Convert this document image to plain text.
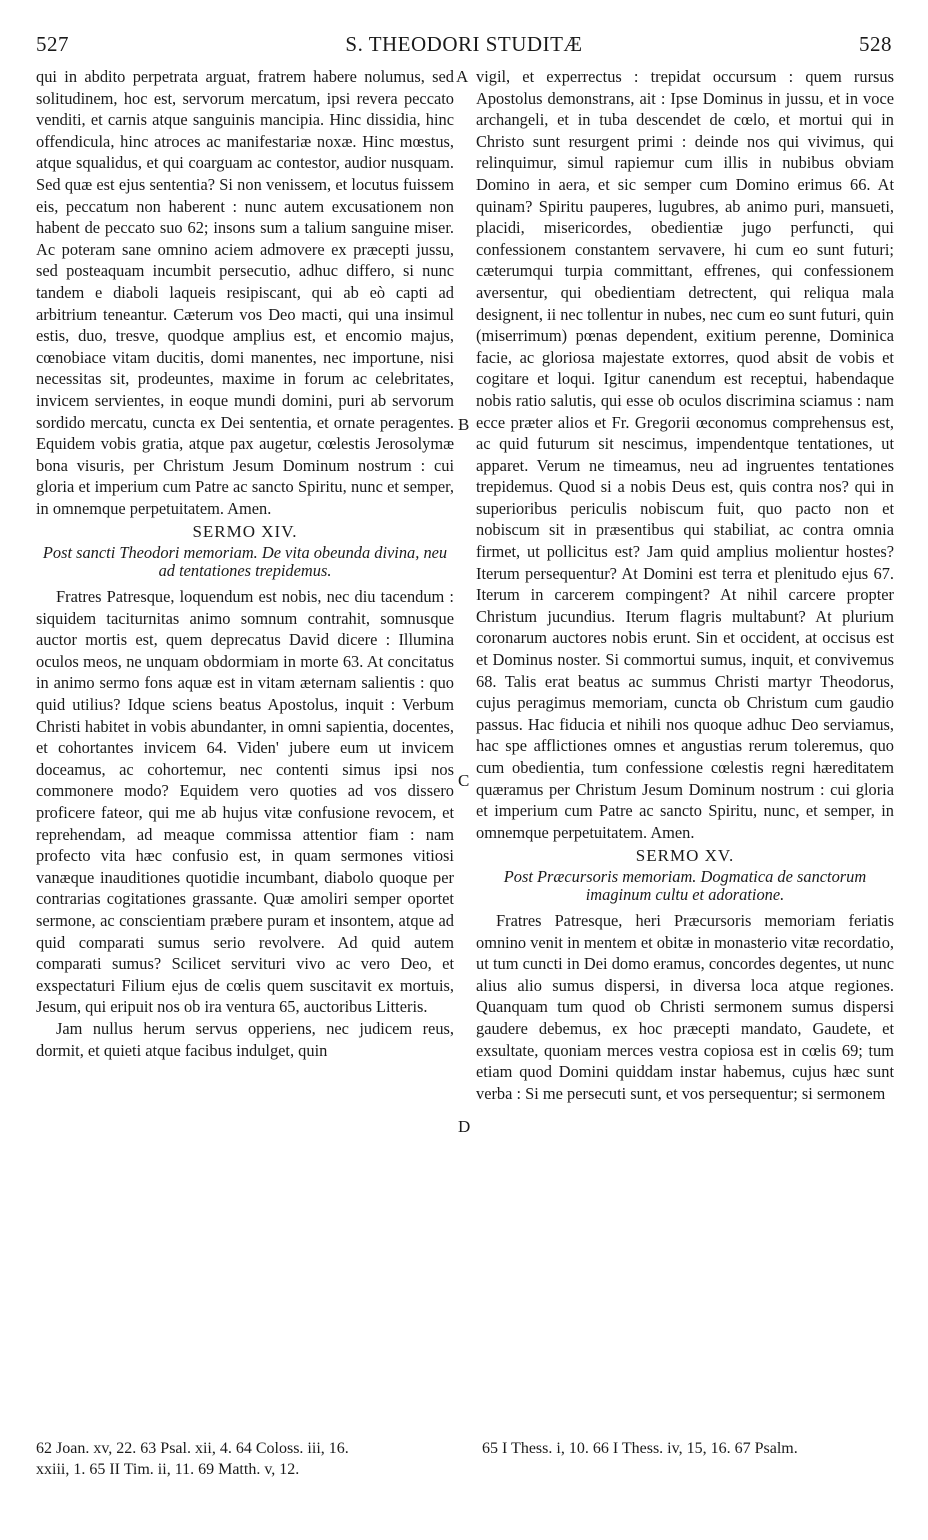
527	S. THEODORI STUDITÆ	528

qui in abdito perpetrata arguat, fratrem habere nolumus, sed solitudinem, hoc est, servorum mercatum, ipsi revera peccato venditi, et carnis atque sanguinis mancipia. Hinc dissidia, hinc offendicula, hinc atroces ac manifestariæ noxæ. Hinc mœstus, atque squalidus, et qui coarguam ac contestor, audior nusquam. Sed quæ est ejus sententia? Si non venissem, et locutus fuissem eis, peccatum non haberent : nunc autem excusationem non habent de peccato suo 62; insons sum a talium sanguine miser. Ac poteram sane omnino aciem admovere ex præcepti jussu, sed posteaquam incumbit persecutio, adhuc differo, si nunc tandem e diaboli laqueis resipiscant, qui ab eò capti ad arbitrium teneantur. Cæterum vos Deo macti, qui una insimul estis, duo, tresve, quodque amplius est, et encomio majus, cœnobiace vitam ducitis, domi manentes, nec importune, nisi necessitas sit, prodeuntes, maxime in forum ac celebritates, invicem servientes, in eoque mundi domini, puri ab servorum sordido mercatu, cuncta ex Dei sententia, et ornate peragentes. Equidem vobis gratia, atque pax augetur, cœlestis Jerosolymæ bona visuris, per Christum Jesum Dominum nostrum : cui gloria et imperium cum Patre ac sancto Spiritu, nunc et semper, in omnemque perpetuitatem. Amen.

SERMO XIV.
Post sancti Theodori memoriam. De vita obeunda divina, neu ad tentationes trepidemus.

Fratres Patresque, loquendum est nobis, nec diu tacendum : siquidem taciturnitas animo somnum contrahit, somnusque auctor mortis est, quem deprecatus David dicere : Illumina oculos meos, ne unquam obdormiam in morte 63. At concitatus in animo sermo fons aquæ est in vitam æternam salientis : quo quid utilius? Idque sciens beatus Apostolus, inquit : Verbum Christi habitet in vobis abundanter, in omni sapientia, docentes, et cohortantes invicem 64. Viden' jubere eum ut invicem doceamus, ac cohortemur, nec contenti simus ipsi nos commonere modo? Equidem vero quoties ad vos dissero proficere fateor, qui me ab hujus vitæ confusione revocem, et reprehendam, ad meaque commissa attentior fiam : nam profecto vita hæc confusio est, in quam sermones vitiosi vanæque inauditiones quotidie incumbant, diabolo quoque per contrarias cogitationes grassante. Quæ amoliri semper oportet sermone, ac conscientiam præbere puram et insontem, atque ad quid comparati sumus serio revolvere. Ad quid autem comparati sumus? Scilicet servituri vivo ac vero Deo, et exspectaturi Filium ejus de cœlis quem suscitavit ex mortuis, Jesum, qui eripuit nos ob ira ventura 65, auctoribus Litteris.

Jam nullus herum servus opperiens, nec judicem reus, dormit, et quieti atque facibus indulget, quin

A
B
C
D

vigil, et experrectus : trepidat occursum : quem rursus Apostolus demonstrans, ait : Ipse Dominus in jussu, et in voce archangeli, et in tuba descendet de cœlo, et mortui qui in Christo sunt resurgent primi : deinde nos qui vivimus, qui relinquimur, simul rapiemur cum illis in nubibus obviam Domino in aera, et sic semper cum Domino erimus 66. At quinam? Spiritu pauperes, lugubres, ab animo puri, mansueti, placidi, misericordes, obedientiæ jugo perfuncti, qui confessionem constantem servavere, hi cum eo sunt futuri; cæterumqui turpia committant, effrenes, qui confessionem aversentur, qui obedientiam detrectent, qui reliqua mala designent, ii nec tollentur in nubes, nec cum eo sunt futuri, quin (miserrimum) pœnas dependent, exitium perenne, Dominica facie, ac gloriosa majestate extorres, quod absit de vobis et cogitare et loqui. Igitur canendum est receptui, habendaque nobis ratio salutis, qui esse ob oculos discrimina sciamus : nam ecce præter alios et Fr. Gregorii œconomus comprehensus est, ac quid futurum sit nescimus, impendentque tentationes, ut apparet. Verum ne timeamus, neu ad ingruentes tentationes trepidemus. Quod si a nobis Deus est, quis contra nos? qui in superioribus periculis nobiscum fuit, quo pacto non et nobiscum sit in præsentibus qui stabiliat, ac contra omnia firmet, ut pollicitus est? Jam quid amplius molientur hostes? Iterum persequentur? At Domini est terra et plenitudo ejus 67. Iterum in carcerem compingent? At nihil carcere propter Christum jucundius. Iterum flagris multabunt? At plurium coronarum auctores nobis erunt. Sin et occident, at occisus est et Dominus noster. Si commortui sumus, inquit, et convivemus 68. Talis erat beatus ac summus Christi martyr Theodorus, cujus peragimus memoriam, cuncta ob Christum cum gaudio passus. Hac fiducia et nihili nos quoque adhuc Deo serviamus, hac spe afflictiones omnes et angustias rerum toleremus, quo cum obedientia, tum confessione cœlestis regni hæreditatem quæramus per Christum Jesum Dominum nostrum : cui gloria et imperium cum Patre ac sancto Spiritu, nunc, et semper, in omnemque perpetuitatem. Amen.

SERMO XV.
Post Præcursoris memoriam. Dogmatica de sanctorum imaginum cultu et adoratione.

Fratres Patresque, heri Præcursoris memoriam feriatis omnino venit in mentem et obitæ in monasterio vitæ recordatio, ut tum cuncti in Dei domo eramus, concordes degentes, ut nunc alius alio sumus dispersi, in diversa loca atque regiones. Quanquam tum quod ob Christi sermonem sumus dispersi gaudere debemus, ex hoc præcepti mandato, Gaudete, et exsultate, quoniam merces vestra copiosa est in cœlis 69; tum etiam quod Domini quiddam instar habemus, cujus hæc sunt verba : Si me persecuti sunt, et vos persequentur; si sermonem

62 Joan. xv, 22. 63 Psal. xii, 4. 64 Coloss. iii, 16.
xxiii, 1. 65 II Tim. ii, 11. 69 Matth. v, 12.
65 I Thess. i, 10. 66 I Thess. iv, 15, 16. 67 Psalm.
